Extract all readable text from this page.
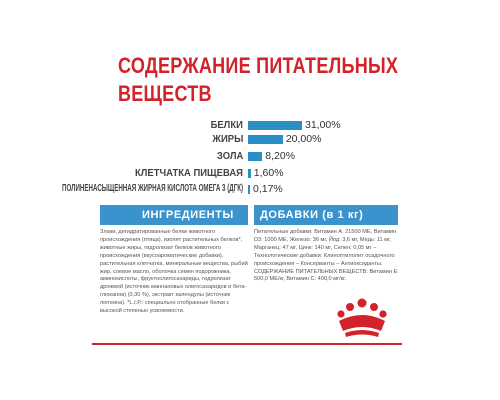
СОДЕРЖАНИЕ ПИТАТЕЛЬНЫХ
ВЕЩЕСТВ
БЕЛКИ	31,00%
ЖИРЫ	20,00%
ЗОЛА 8,20%
КЛЕТЧАТКА ПИЩЕВАЯ 1,60%
ПОЛИНЕНАСЫЩЕННАЯ ЖИРНАЯ КИСЛОТА ОМЕГА 3 (ДГК) 0,17%
ИНГРЕДИЕНТЫ ДОБАВКИ (в 1 кг)
Злаки, дегидратированные белки животного происхождения (птица), изолят растительных белков*, животные жиры, гидролизат белков животного происхождения (вкусоароматические добавки), растительная клетчатка, минеральные вещества, рыбий жир, соевое масло, оболочка семян подорожника, аминокислоты, фруктоолигосахариды, гидролизат дрожжей (источник маннановых олигосахаридов и бета-глюканов) (0,30 %), экстракт календулы (источник лютеина). *L.I.P.: специально отобранные белки с высокой степенью усвояемости.
Питательные добавки: Витамин А: 21500 МЕ, Витамин D3: 1000 МЕ, Железо: 36 мг, Йод: 3,6 мг, Медь: 11 мг, Марганец: 47 мг, Цинк: 140 мг, Селен: 0,05 мг – Технологические добавки: Клиноптилолит осадочного происхождения – Консерванты – Антиоксиданты. СОДЕРЖАНИЕ ПИТАТЕЛЬНЫХ ВЕЩЕСТВ: Витамин Е: 500,0 МЕ/кг, Витамин С: 400,0 мг/кг.
